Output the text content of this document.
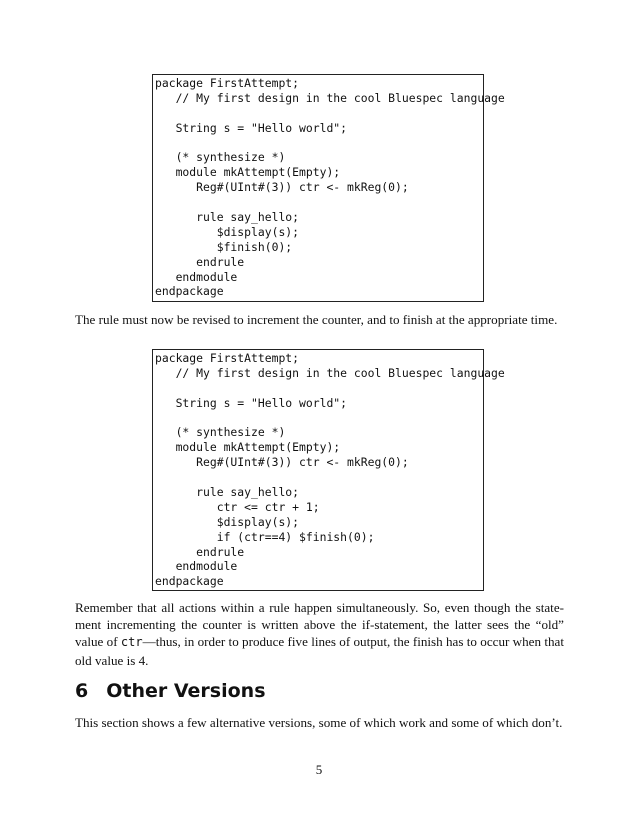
package FirstAttempt;
// My first design in the cool Bluespec language
String s = "Hello world";
(* synthesize *)
module mkAttempt(Empty);
Reg#(UInt#(3)) ctr <- mkReg(0);
rule say_hello;
$display(s);
$finish(0);
endrule
endmodule
endpackage
The rule must now be revised to increment the counter, and to finish at the appropriate time.
package FirstAttempt;
// My first design in the cool Bluespec language
String s = "Hello world";
(* synthesize *)
module mkAttempt(Empty);
Reg#(UInt#(3)) ctr <- mkReg(0);
rule say_hello;
ctr <= ctr + 1;
$display(s);
if (ctr==4) $finish(0);
endrule
endmodule
endpackage
Remember that all actions within a rule happen simultaneously. So, even though the state-ment incrementing the counter is written above the if-statement, the latter sees the “old” value of ctr—thus, in order to produce five lines of output, the finish has to occur when that old value is 4.
6 Other Versions
This section shows a few alternative versions, some of which work and some of which don’t.
5
